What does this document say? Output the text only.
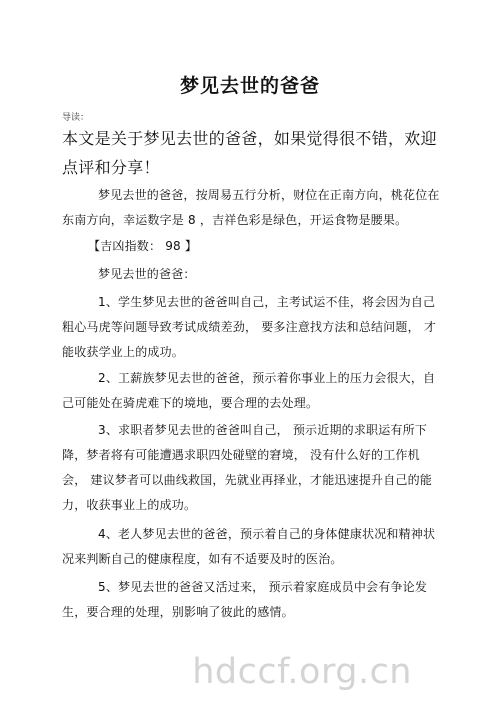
梦见去世的爸爸
导读：
本文是关于梦见去世的爸爸，如果觉得很不错，欢迎点评和分享！
梦见去世的爸爸，按周易五行分析，财位在正南方向，桃花位在东南方向，幸运数字是 8 ，吉祥色彩是绿色，开运食物是腰果。
【吉凶指数： 98 】
梦见去世的爸爸：
1、学生梦见去世的爸爸叫自己，主考试运不佳，将会因为自己粗心马虎等问题导致考试成绩差劲， 要多注意找方法和总结问题， 才能收获学业上的成功。
2、工薪族梦见去世的爸爸，预示着你事业上的压力会很大，自己可能处在骑虎难下的境地，要合理的去处理。
3、求职者梦见去世的爸爸叫自己， 预示近期的求职运有所下降，梦者将有可能遭遇求职四处碰壁的窘境， 没有什么好的工作机会， 建议梦者可以曲线救国，先就业再择业，才能迅速提升自己的能力，收获事业上的成功。
4、老人梦见去世的爸爸，预示着自己的身体健康状况和精神状况来判断自己的健康程度，如有不适要及时的医治。
5、梦见去世的爸爸又活过来， 预示着家庭成员中会有争论发生，要合理的处理，别影响了彼此的感情。
hdccf.org.cn
